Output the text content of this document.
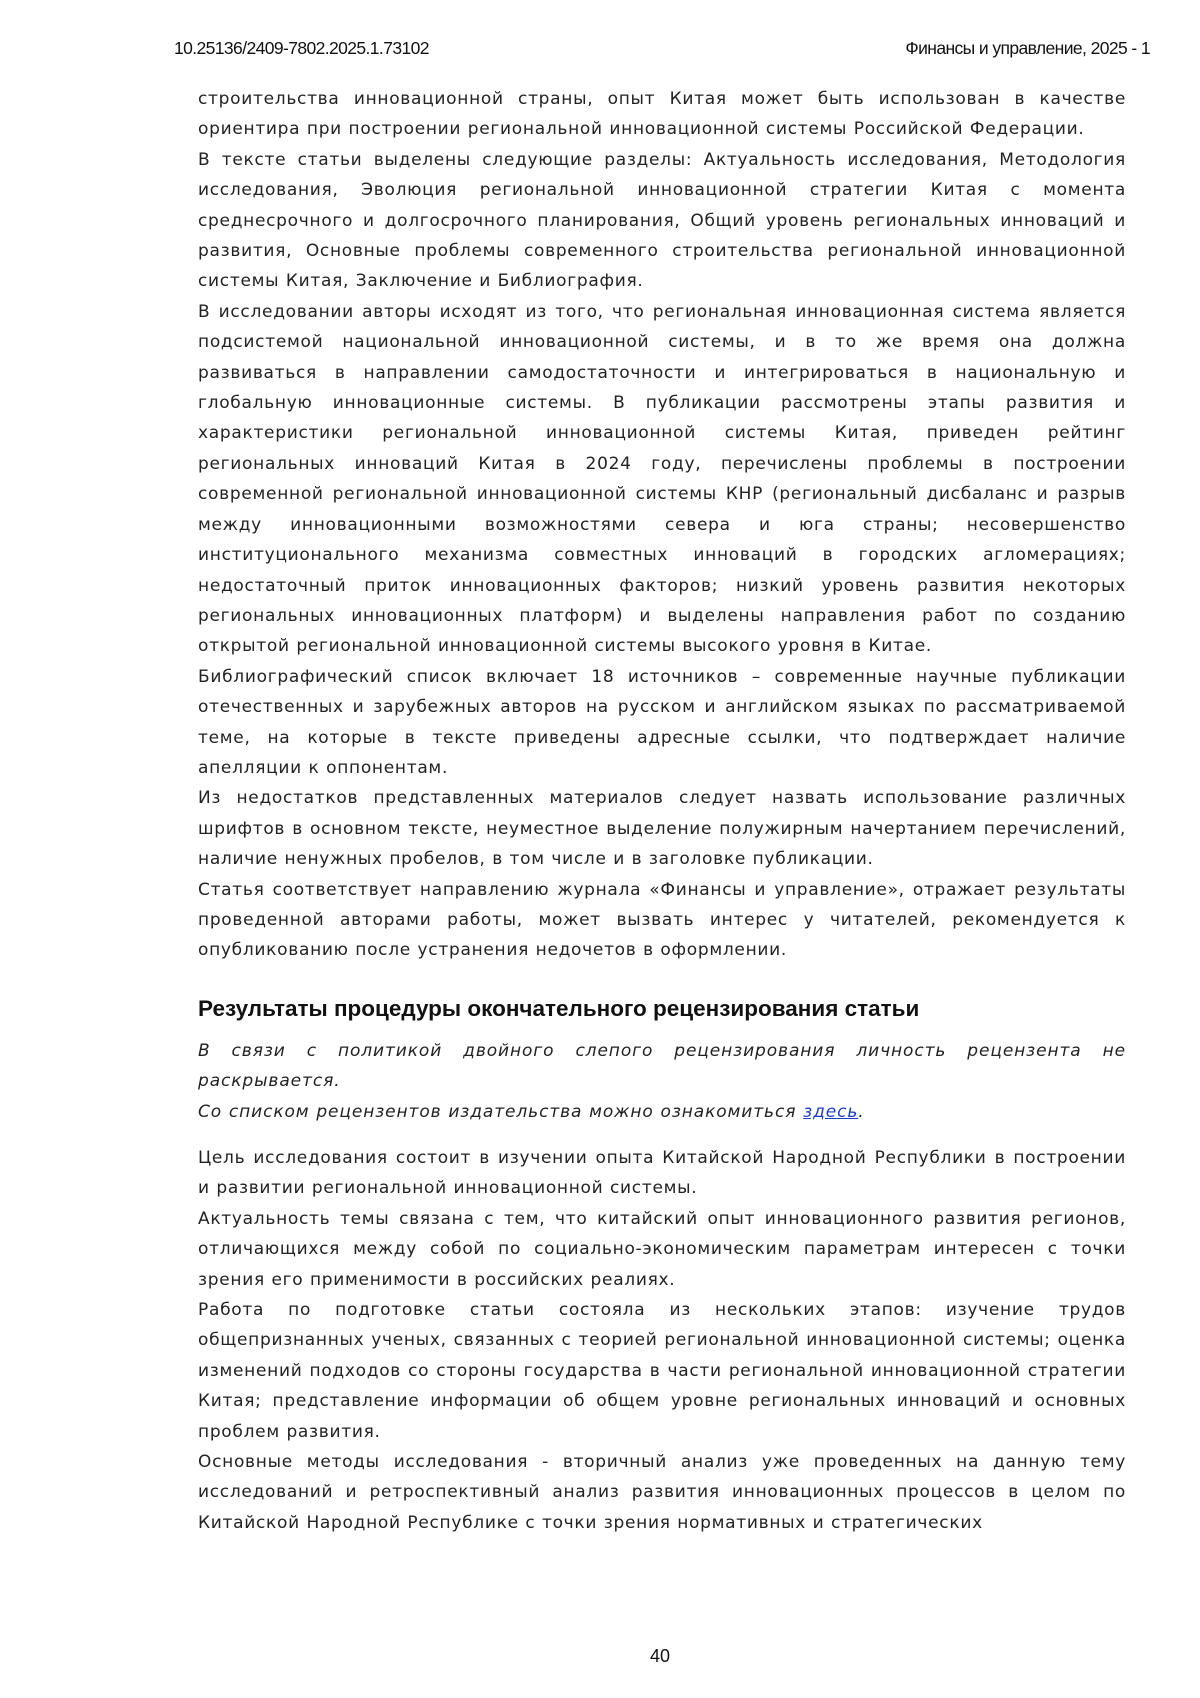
10.25136/2409-7802.2025.1.73102	Финансы и управление, 2025 - 1

строительства инновационной страны, опыт Китая может быть использован в качестве ориентира при построении региональной инновационной системы Российской Федерации.

В тексте статьи выделены следующие разделы: Актуальность исследования, Методология исследования, Эволюция региональной инновационной стратегии Китая с момента среднесрочного и долгосрочного планирования, Общий уровень региональных инноваций и развития, Основные проблемы современного строительства региональной инновационной системы Китая, Заключение и Библиография.

В исследовании авторы исходят из того, что региональная инновационная система является подсистемой национальной инновационной системы, и в то же время она должна развиваться в направлении самодостаточности и интегрироваться в национальную и глобальную инновационные системы. В публикации рассмотрены этапы развития и характеристики региональной инновационной системы Китая, приведен рейтинг региональных инноваций Китая в 2024 году, перечислены проблемы в построении современной региональной инновационной системы КНР (региональный дисбаланс и разрыв между инновационными возможностями севера и юга страны; несовершенство институционального механизма совместных инноваций в городских агломерациях; недостаточный приток инновационных факторов; низкий уровень развития некоторых региональных инновационных платформ) и выделены направления работ по созданию открытой региональной инновационной системы высокого уровня в Китае.

Библиографический список включает 18 источников – современные научные публикации отечественных и зарубежных авторов на русском и английском языках по рассматриваемой теме, на которые в тексте приведены адресные ссылки, что подтверждает наличие апелляции к оппонентам.

Из недостатков представленных материалов следует назвать использование различных шрифтов в основном тексте, неуместное выделение полужирным начертанием перечислений, наличие ненужных пробелов, в том числе и в заголовке публикации.

Статья соответствует направлению журнала «Финансы и управление», отражает результаты проведенной авторами работы, может вызвать интерес у читателей, рекомендуется к опубликованию после устранения недочетов в оформлении.

Результаты процедуры окончательного рецензирования статьи

В связи с политикой двойного слепого рецензирования личность рецензента не раскрывается.

Со списком рецензентов издательства можно ознакомиться здесь.

Цель исследования состоит в изучении опыта Китайской Народной Республики в построении и развитии региональной инновационной системы.

Актуальность темы связана с тем, что китайский опыт инновационного развития регионов, отличающихся между собой по социально-экономическим параметрам интересен с точки зрения его применимости в российских реалиях.

Работа по подготовке статьи состояла из нескольких этапов: изучение трудов общепризнанных ученых, связанных с теорией региональной инновационной системы; оценка изменений подходов со стороны государства в части региональной инновационной стратегии Китая; представление информации об общем уровне региональных инноваций и основных проблем развития.

Основные методы исследования - вторичный анализ уже проведенных на данную тему исследований и ретроспективный анализ развития инновационных процессов в целом по Китайской Народной Республике с точки зрения нормативных и стратегических

40
